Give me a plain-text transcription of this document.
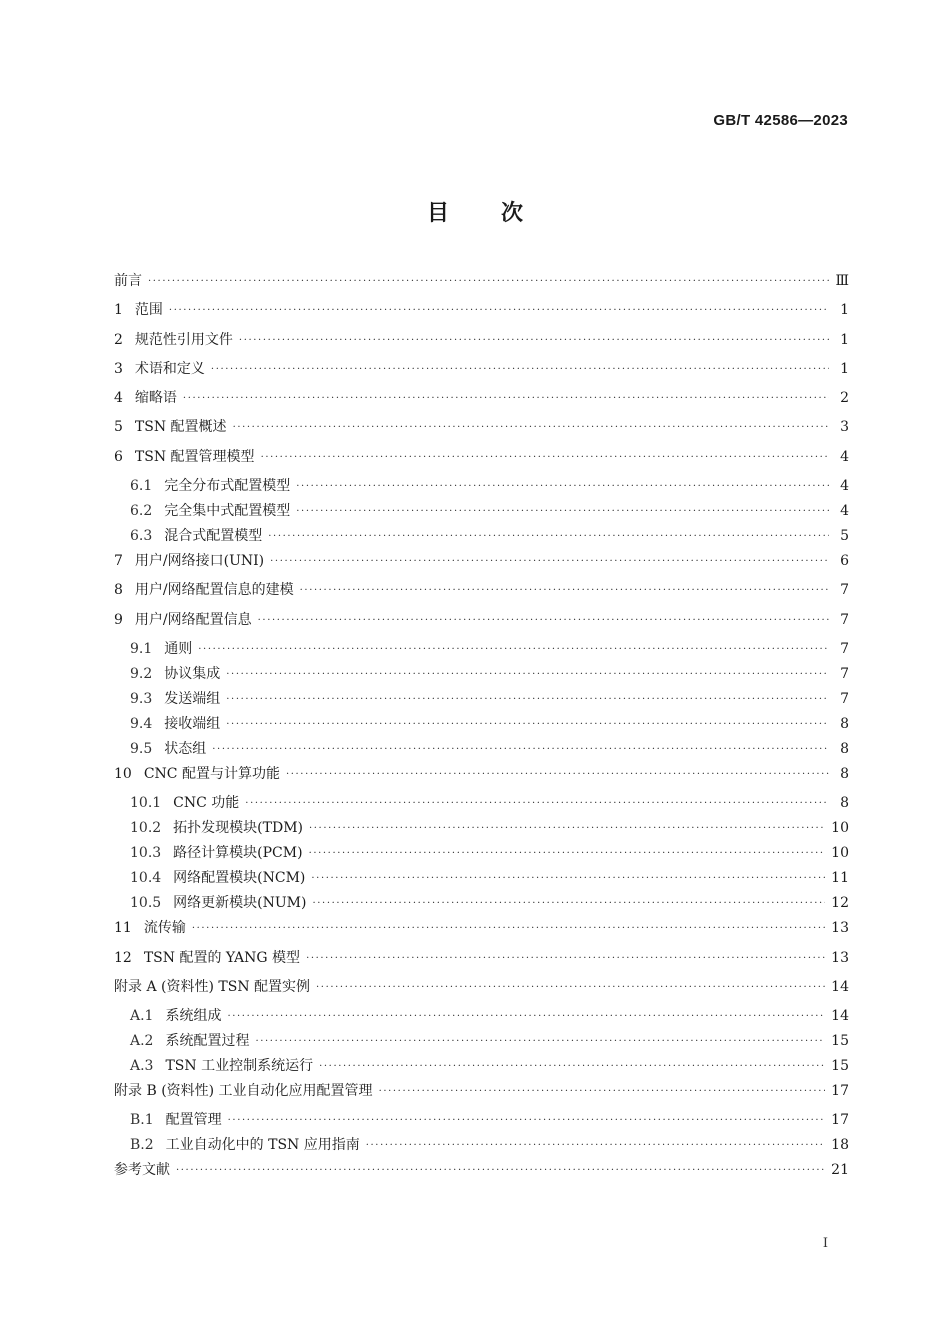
GB/T 42586—2023
目 次
前言 ·····	Ⅲ
1 范围 ·····	1
2 规范性引用文件 ·····	1
3 术语和定义 ·····	1
4 缩略语 ·····	2
5 TSN 配置概述 ·····	3
6 TSN 配置管理模型 ·····	4
6.1 完全分布式配置模型 ·····	4
6.2 完全集中式配置模型 ·····	4
6.3 混合式配置模型 ·····	5
7 用户/网络接口(UNI) ·····	6
8 用户/网络配置信息的建模 ·····	7
9 用户/网络配置信息 ·····	7
9.1 通则 ·····	7
9.2 协议集成 ·····	7
9.3 发送端组 ·····	7
9.4 接收端组 ·····	8
9.5 状态组 ·····	8
10 CNC 配置与计算功能 ·····	8
10.1 CNC 功能 ·····	8
10.2 拓扑发现模块(TDM) ·····	10
10.3 路径计算模块(PCM) ·····	10
10.4 网络配置模块(NCM) ·····	11
10.5 网络更新模块(NUM) ·····	12
11 流传输 ·····	13
12 TSN 配置的 YANG 模型 ·····	13
附录 A (资料性) TSN 配置实例 ·····	14
A.1 系统组成 ·····	14
A.2 系统配置过程 ·····	15
A.3 TSN 工业控制系统运行 ·····	15
附录 B (资料性) 工业自动化应用配置管理 ·····	17
B.1 配置管理 ·····	17
B.2 工业自动化中的 TSN 应用指南 ·····	18
参考文献 ·····	21
Ⅰ
